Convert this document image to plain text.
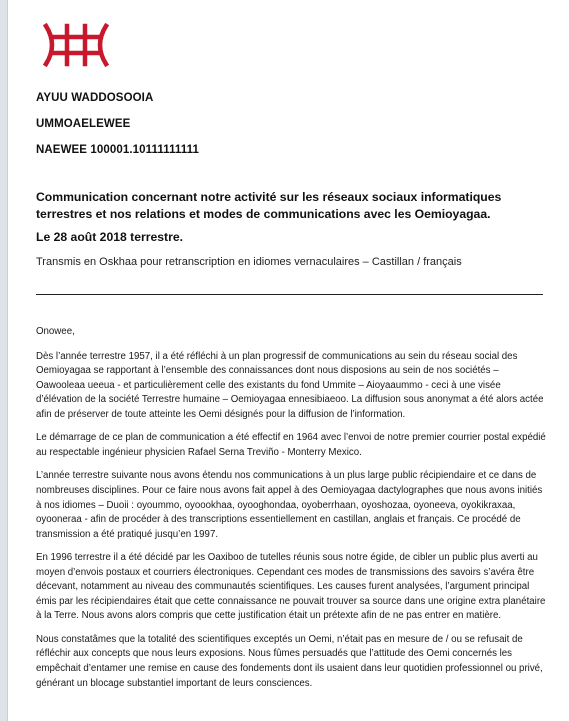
AYUU WADDOSOOIA
UMMOAELEWEE
NAEWEE 100001.10111111111
Communication concernant notre activité sur les réseaux sociaux informatiques terrestres et nos relations et modes de communications avec les Oemioyagaa.
Le 28 août 2018 terrestre.
Transmis en Oskhaa pour retranscription en idiomes vernaculaires – Castillan / français

Onowee,

Dès l’année terrestre 1957, il a été réfléchi à un plan progressif de communications au sein du réseau social des Oemioyagaa se rapportant à l’ensemble des connaissances dont nous disposions au sein de nos sociétés – Oawooleaa ueeua - et particulièrement celle des existants du fond Ummite – Aioyaaummo - ceci à une visée d’élévation de la société Terrestre humaine – Oemioyagaa ennesibiaeoo. La diffusion sous anonymat a été alors actée afin de préserver de toute atteinte les Oemi désignés pour la diffusion de l’information.

Le démarrage de ce plan de communication a été effectif en 1964 avec l’envoi de notre premier courrier postal expédié au respectable ingénieur physicien Rafael Serna Treviño - Monterry Mexico.

L’année terrestre suivante nous avons étendu nos communications à un plus large public récipiendaire et ce dans de nombreuses disciplines. Pour ce faire nous avons fait appel à des Oemioyagaa dactylographes que nous avons initiés à nos idiomes – Duoii : oyoummo, oyoookhaa, oyooghondaa, oyoberrhaan, oyoshozaa, oyoneeva, oyokikraxaa, oyooneraa - afin de procéder à des transcriptions essentiellement en castillan, anglais et français. Ce procédé de transmission a été pratiqué jusqu’en 1997.

En 1996 terrestre il a été décidé par les Oaxiboo de tutelles réunis sous notre égide, de cibler un public plus averti au moyen d’envois postaux et courriers électroniques. Cependant ces modes de transmissions des savoirs s’avéra être décevant, notamment au niveau des communautés scientifiques. Les causes furent analysées, l’argument principal émis par les récipiendaires était que cette connaissance ne pouvait trouver sa source dans une origine extra planétaire à la Terre. Nous avons alors compris que cette justification était un prétexte afin de ne pas entrer en matière.

Nous constatâmes que la totalité des scientifiques exceptés un Oemi, n’était pas en mesure de / ou se refusait de réfléchir aux concepts que nous leurs exposions. Nous fûmes persuadés que l’attitude des Oemi concernés les empêchait d’entamer une remise en cause des fondements dont ils usaient dans leur quotidien professionnel ou privé, générant un blocage substantiel important de leurs consciences.
